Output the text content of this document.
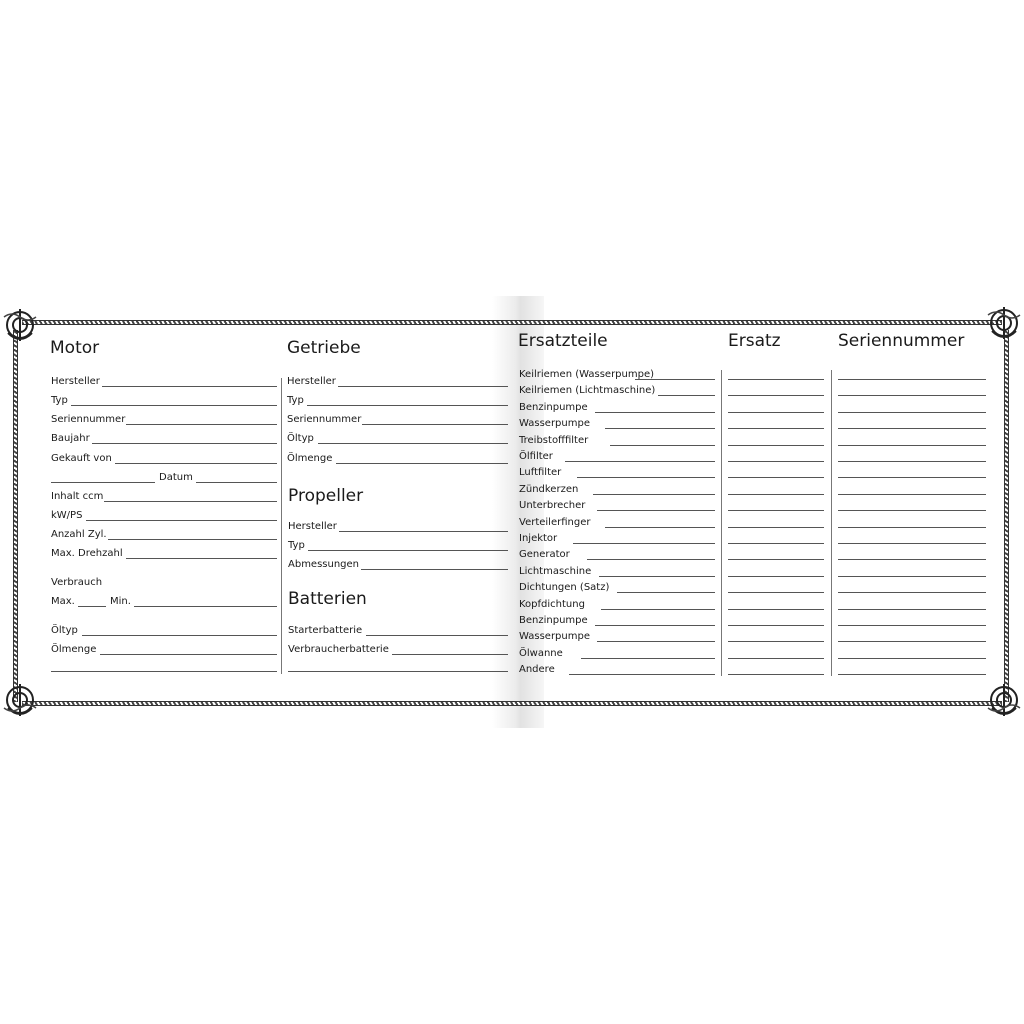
Motor
Hersteller
Typ
Seriennummer
Baujahr
Gekauft von
Datum
Inhalt ccm
kW/PS
Anzahl Zyl.
Max. Drehzahl
Verbrauch
Max.	Min.
Öltyp
Ölmenge
Getriebe
Hersteller
Typ
Seriennummer
Öltyp
Ölmenge
Propeller
Hersteller
Typ
Abmessungen
Batterien
Starterbatterie
Verbraucherbatterie
Ersatzteile	Ersatz	Seriennummer
Keilriemen (Wasserpumpe)
Keilriemen (Lichtmaschine)
Benzinpumpe
Wasserpumpe
Treibstofffilter
Ölfilter
Luftfilter
Zündkerzen
Unterbrecher
Verteilerfinger
Injektor
Generator
Lichtmaschine
Dichtungen (Satz)
Kopfdichtung
Benzinpumpe
Wasserpumpe
Ölwanne
Andere
